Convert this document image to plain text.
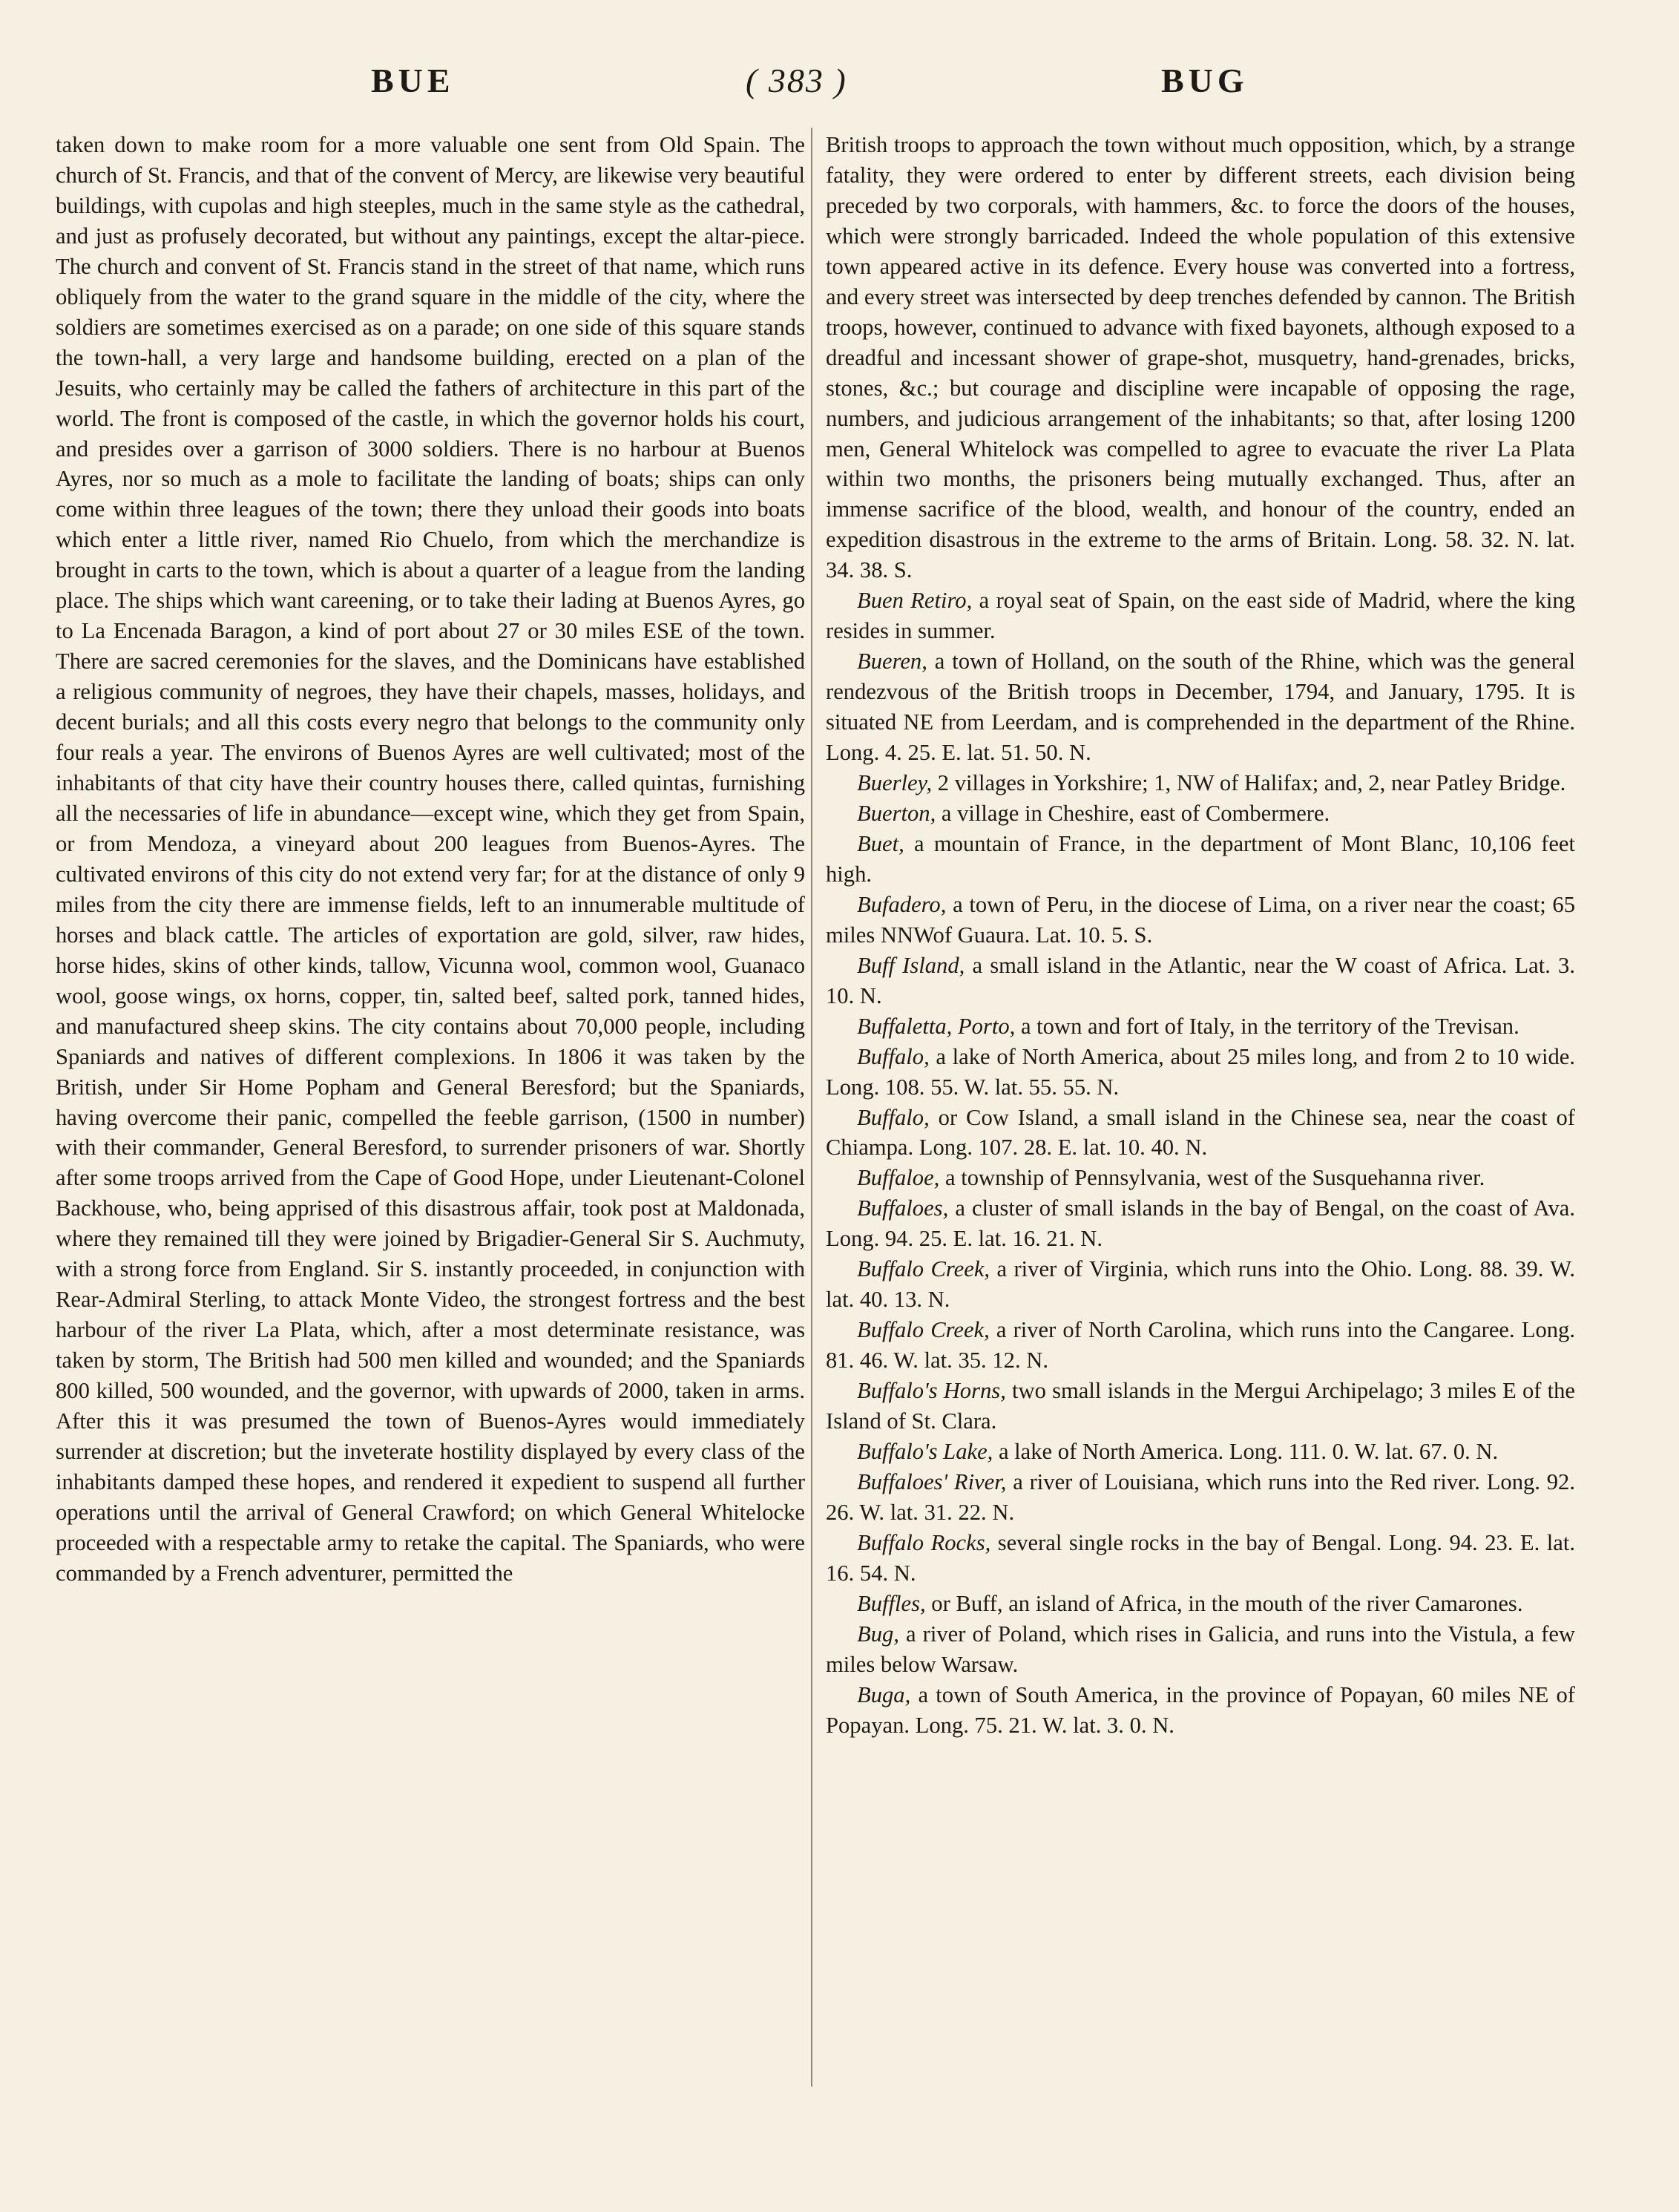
BUE	( 383 )	BUG

taken down to make room for a more valuable one sent from Old Spain. The church of St. Francis, and that of the convent of Mercy, are likewise very beautiful buildings, with cupolas and high steeples, much in the same style as the cathedral, and just as profusely decorated, but without any paintings, except the altar-piece. The church and convent of St. Francis stand in the street of that name, which runs obliquely from the water to the grand square in the middle of the city, where the soldiers are sometimes exercised as on a parade; on one side of this square stands the town-hall, a very large and handsome building, erected on a plan of the Jesuits, who certainly may be called the fathers of architecture in this part of the world. The front is composed of the castle, in which the governor holds his court, and presides over a garrison of 3000 soldiers. There is no harbour at Buenos Ayres, nor so much as a mole to facilitate the landing of boats; ships can only come within three leagues of the town; there they unload their goods into boats which enter a little river, named Rio Chuelo, from which the merchandize is brought in carts to the town, which is about a quarter of a league from the landing place. The ships which want careening, or to take their lading at Buenos Ayres, go to La Encenada Baragon, a kind of port about 27 or 30 miles ESE of the town. There are sacred ceremonies for the slaves, and the Dominicans have established a religious community of negroes, they have their chapels, masses, holidays, and decent burials; and all this costs every negro that belongs to the community only four reals a year. The environs of Buenos Ayres are well cultivated; most of the inhabitants of that city have their country houses there, called quintas, furnishing all the necessaries of life in abundance—except wine, which they get from Spain, or from Mendoza, a vineyard about 200 leagues from Buenos-Ayres. The cultivated environs of this city do not extend very far; for at the distance of only 9 miles from the city there are immense fields, left to an innumerable multitude of horses and black cattle. The articles of exportation are gold, silver, raw hides, horse hides, skins of other kinds, tallow, Vicunna wool, common wool, Guanaco wool, goose wings, ox horns, copper, tin, salted beef, salted pork, tanned hides, and manufactured sheep skins. The city contains about 70,000 people, including Spaniards and natives of different complexions. In 1806 it was taken by the British, under Sir Home Popham and General Beresford; but the Spaniards, having overcome their panic, compelled the feeble garrison, (1500 in number) with their commander, General Beresford, to surrender prisoners of war. Shortly after some troops arrived from the Cape of Good Hope, under Lieutenant-Colonel Backhouse, who, being apprised of this disastrous affair, took post at Maldonada, where they remained till they were joined by Brigadier-General Sir S. Auchmuty, with a strong force from England. Sir S. instantly proceeded, in conjunction with Rear-Admiral Sterling, to attack Monte Video, the strongest fortress and the best harbour of the river La Plata, which, after a most determinate resistance, was taken by storm, The British had 500 men killed and wounded; and the Spaniards 800 killed, 500 wounded, and the governor, with upwards of 2000, taken in arms. After this it was presumed the town of Buenos-Ayres would immediately surrender at discretion; but the inveterate hostility displayed by every class of the inhabitants damped these hopes, and rendered it expedient to suspend all further operations until the arrival of General Crawford; on which General Whitelocke proceeded with a respectable army to retake the capital. The Spaniards, who were commanded by a French adventurer, permitted the

British troops to approach the town without much opposition, which, by a strange fatality, they were ordered to enter by different streets, each division being preceded by two corporals, with hammers, &c. to force the doors of the houses, which were strongly barricaded. Indeed the whole population of this extensive town appeared active in its defence. Every house was converted into a fortress, and every street was intersected by deep trenches defended by cannon. The British troops, however, continued to advance with fixed bayonets, although exposed to a dreadful and incessant shower of grape-shot, musquetry, hand-grenades, bricks, stones, &c.; but courage and discipline were incapable of opposing the rage, numbers, and judicious arrangement of the inhabitants; so that, after losing 1200 men, General Whitelock was compelled to agree to evacuate the river La Plata within two months, the prisoners being mutually exchanged. Thus, after an immense sacrifice of the blood, wealth, and honour of the country, ended an expedition disastrous in the extreme to the arms of Britain. Long. 58. 32. N. lat. 34. 38. S.

Buen Retiro, a royal seat of Spain, on the east side of Madrid, where the king resides in summer.

Bueren, a town of Holland, on the south of the Rhine, which was the general rendezvous of the British troops in December, 1794, and January, 1795. It is situated NE from Leerdam, and is comprehended in the department of the Rhine. Long. 4. 25. E. lat. 51. 50. N.

Buerley, 2 villages in Yorkshire; 1, NW of Halifax; and, 2, near Patley Bridge.

Buerton, a village in Cheshire, east of Combermere.

Buet, a mountain of France, in the department of Mont Blanc, 10,106 feet high.

Bufadero, a town of Peru, in the diocese of Lima, on a river near the coast; 65 miles NNWof Guaura. Lat. 10. 5. S.

Buff Island, a small island in the Atlantic, near the W coast of Africa. Lat. 3. 10. N.

Buffaletta, Porto, a town and fort of Italy, in the territory of the Trevisan.

Buffalo, a lake of North America, about 25 miles long, and from 2 to 10 wide. Long. 108. 55. W. lat. 55. 55. N.

Buffalo, or Cow Island, a small island in the Chinese sea, near the coast of Chiampa. Long. 107. 28. E. lat. 10. 40. N.

Buffaloe, a township of Pennsylvania, west of the Susquehanna river.

Buffaloes, a cluster of small islands in the bay of Bengal, on the coast of Ava. Long. 94. 25. E. lat. 16. 21. N.

Buffalo Creek, a river of Virginia, which runs into the Ohio. Long. 88. 39. W. lat. 40. 13. N.

Buffalo Creek, a river of North Carolina, which runs into the Cangaree. Long. 81. 46. W. lat. 35. 12. N.

Buffalo's Horns, two small islands in the Mergui Archipelago; 3 miles E of the Island of St. Clara.

Buffalo's Lake, a lake of North America. Long. 111. 0. W. lat. 67. 0. N.

Buffaloes' River, a river of Louisiana, which runs into the Red river. Long. 92. 26. W. lat. 31. 22. N.

Buffalo Rocks, several single rocks in the bay of Bengal. Long. 94. 23. E. lat. 16. 54. N.

Buffles, or Buff, an island of Africa, in the mouth of the river Camarones.

Bug, a river of Poland, which rises in Galicia, and runs into the Vistula, a few miles below Warsaw.

Buga, a town of South America, in the province of Popayan, 60 miles NE of Popayan. Long. 75. 21. W. lat. 3. 0. N.
